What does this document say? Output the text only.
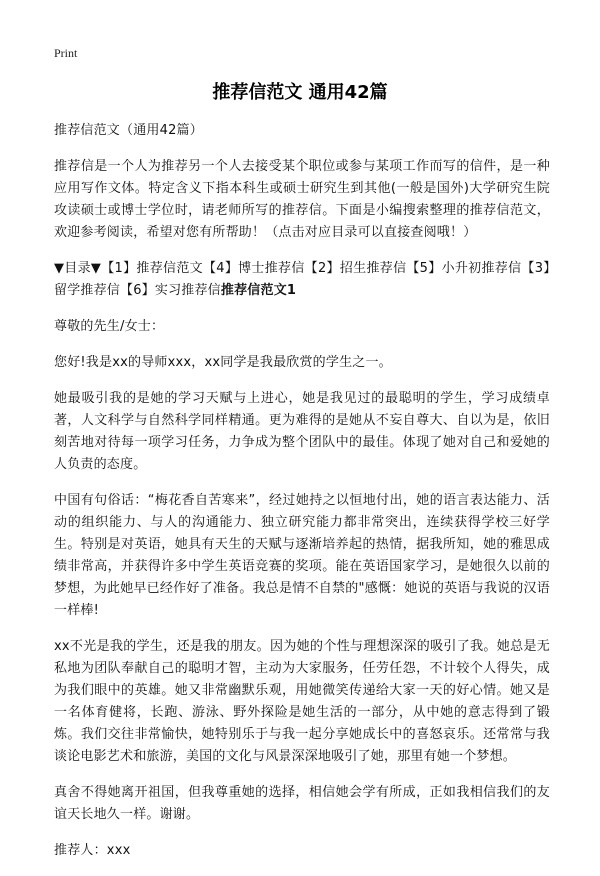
Print
推荐信范文 通用42篇

推荐信范文（通用42篇）

推荐信是一个人为推荐另一个人去接受某个职位或参与某项工作而写的信件，是一种应用写作文体。特定含义下指本科生或硕士研究生到其他(一般是国外)大学研究生院攻读硕士或博士学位时，请老师所写的推荐信。下面是小编搜索整理的推荐信范文，欢迎参考阅读，希望对您有所帮助！（点击对应目录可以直接查阅哦！）

▼目录▼【1】推荐信范文【4】博士推荐信【2】招生推荐信【5】小升初推荐信【3】留学推荐信【6】实习推荐信推荐信范文1

尊敬的先生/女士：

您好!我是xx的导师xxx，xx同学是我最欣赏的学生之一。

她最吸引我的是她的学习天赋与上进心，她是我见过的最聪明的学生，学习成绩卓著，人文科学与自然科学同样精通。更为难得的是她从不妄自尊大、自以为是，依旧刻苦地对待每一项学习任务，力争成为整个团队中的最佳。体现了她对自己和爱她的人负责的态度。

中国有句俗话：“梅花香自苦寒来”，经过她持之以恒地付出，她的语言表达能力、活动的组织能力、与人的沟通能力、独立研究能力都非常突出，连续获得学校三好学生。特别是对英语，她具有天生的天赋与逐渐培养起的热情，据我所知，她的雅思成绩非常高，并获得许多中学生英语竞赛的奖项。能在英语国家学习，是她很久以前的梦想，为此她早已经作好了准备。我总是情不自禁的"感慨：她说的英语与我说的汉语一样棒!

xx不光是我的学生，还是我的朋友。因为她的个性与理想深深的吸引了我。她总是无私地为团队奉献自己的聪明才智，主动为大家服务，任劳任怨，不计较个人得失，成为我们眼中的英雄。她又非常幽默乐观，用她微笑传递给大家一天的好心情。她又是一名体育健将，长跑、游泳、野外探险是她生活的一部分，从中她的意志得到了锻炼。我们交往非常愉快，她特别乐于与我一起分享她成长中的喜怒哀乐。还常常与我谈论电影艺术和旅游，美国的文化与风景深深地吸引了她，那里有她一个梦想。

真舍不得她离开祖国，但我尊重她的选择，相信她会学有所成，正如我相信我们的友谊天长地久一样。谢谢。

推荐人：xxx
